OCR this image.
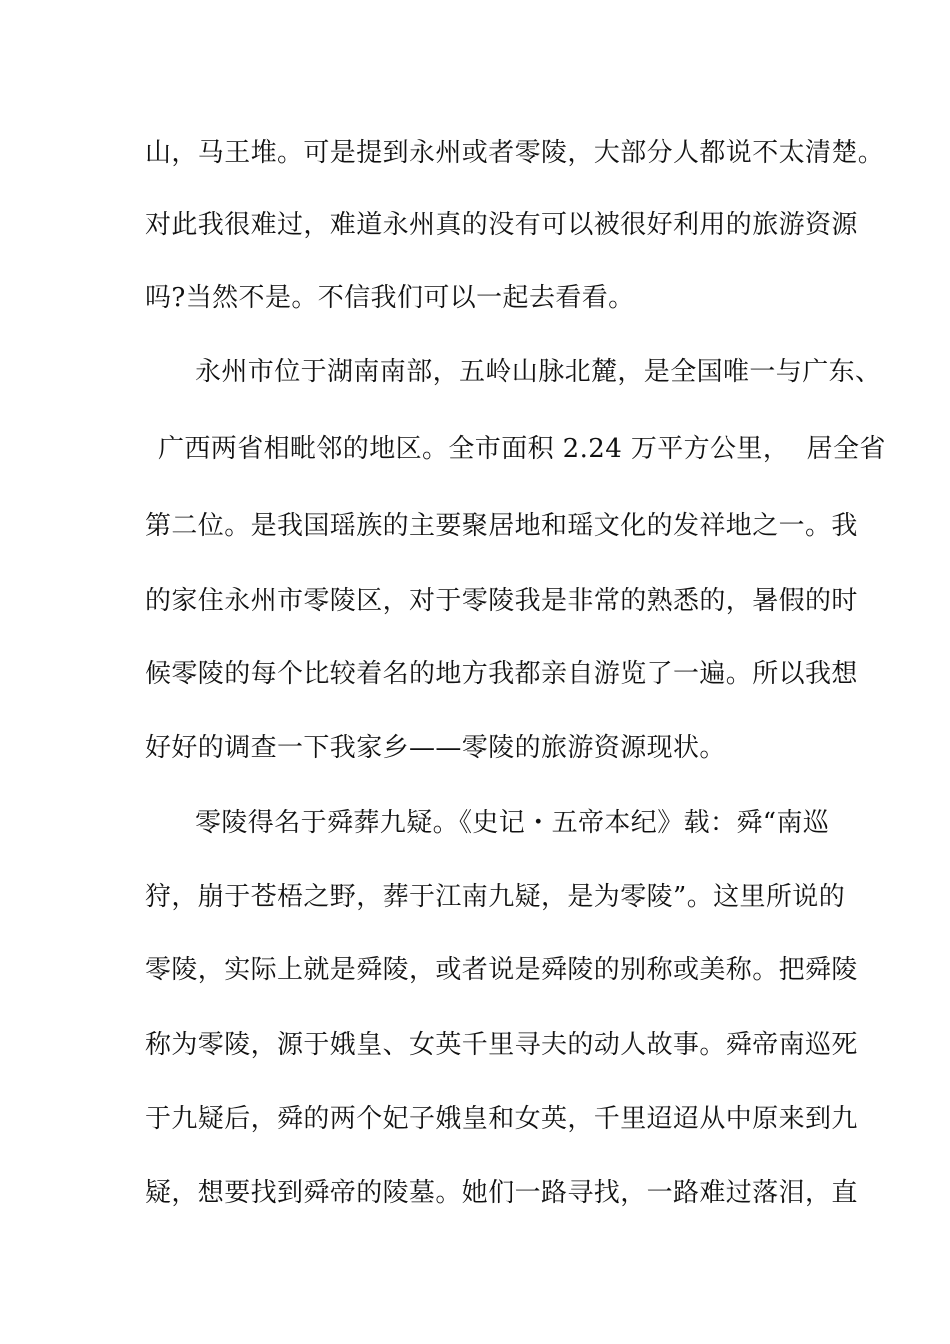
山，马王堆。可是提到永州或者零陵，大部分人都说不太清楚。
对此我很难过，难道永州真的没有可以被很好利用的旅游资源
吗?当然不是。不信我们可以一起去看看。
永州市位于湖南南部，五岭山脉北麓，是全国唯一与广东、
广西两省相毗邻的地区。全市面积 2.24 万平方公里，  居全省
第二位。是我国瑶族的主要聚居地和瑶文化的发祥地之一。我
的家住永州市零陵区，对于零陵我是非常的熟悉的，暑假的时
候零陵的每个比较着名的地方我都亲自游览了一遍。所以我想
好好的调查一下我家乡——零陵的旅游资源现状。
零陵得名于舜葬九疑。《史记・五帝本纪》载：舜“南巡
狩，崩于苍梧之野，葬于江南九疑，是为零陵”。这里所说的
零陵，实际上就是舜陵，或者说是舜陵的别称或美称。把舜陵
称为零陵，源于娥皇、女英千里寻夫的动人故事。舜帝南巡死
于九疑后，舜的两个妃子娥皇和女英，千里迢迢从中原来到九
疑，想要找到舜帝的陵墓。她们一路寻找，一路难过落泪，直
